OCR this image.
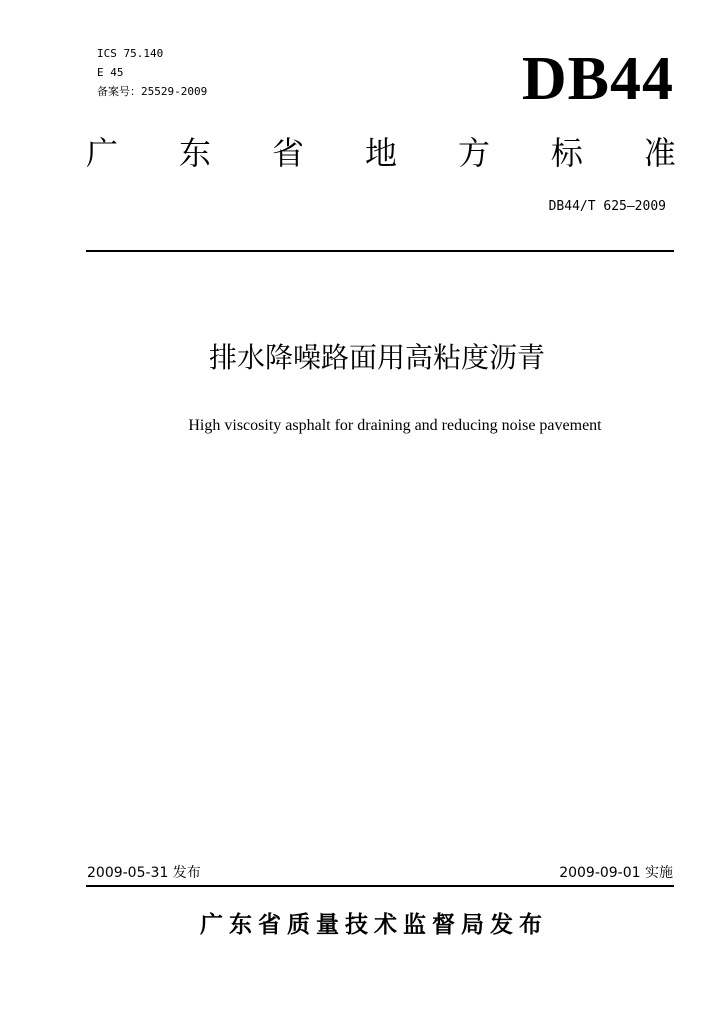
ICS 75.140
E 45
备案号：25529-2009	DB44
广 东 省 地 方 标 准
DB44/T 625—2009
排水降噪路面用高粘度沥青
High viscosity asphalt for draining and reducing noise pavement
2009-05-31 发布	2009-09-01 实施
广东省质量技术监督局发布
